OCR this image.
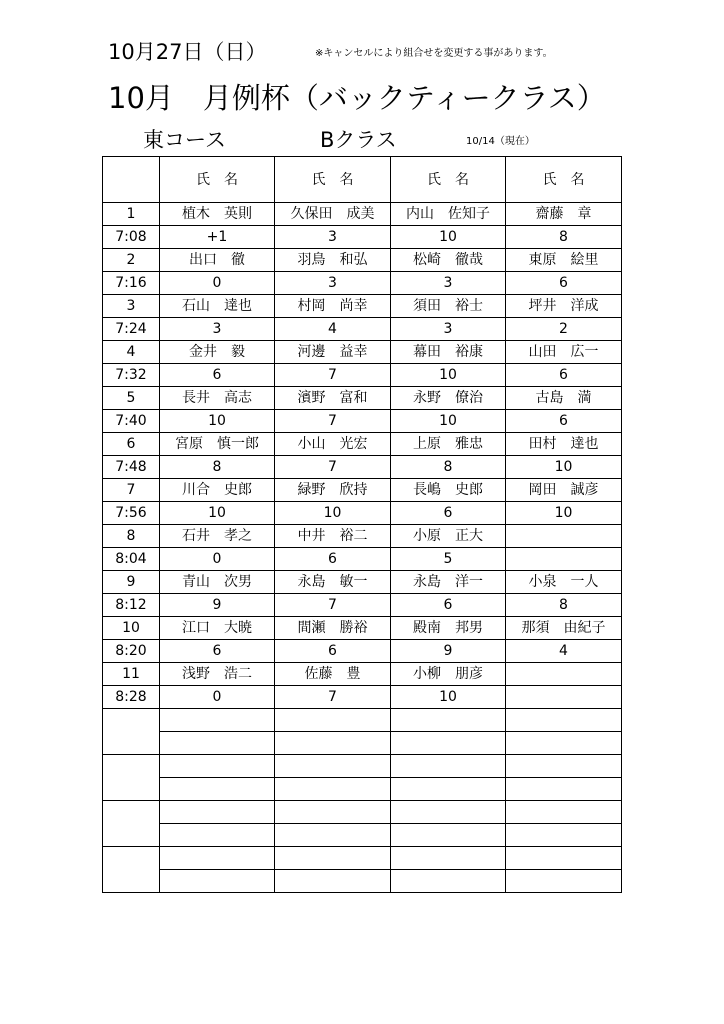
10月27日（日）	※キャンセルにより組合せを変更する事があります。
10月　月例杯（バックティークラス）
東コース	Bクラス	10/14（現在）
	氏　名	氏　名	氏　名	氏　名
1	植木　英則	久保田　成美	内山　佐知子	齋藤　章
7:08	+1	3	10	8
2	出口　徹	羽鳥　和弘	松崎　徹哉	東原　絵里
7:16	0	3	3	6
3	石山　達也	村岡　尚幸	須田　裕士	坪井　洋成
7:24	3	4	3	2
4	金井　毅	河邊　益幸	幕田　裕康	山田　広一
7:32	6	7	10	6
5	長井　高志	濱野　富和	永野　僚治	古島　満
7:40	10	7	10	6
6	宮原　慎一郎	小山　光宏	上原　雅忠	田村　達也
7:48	8	7	8	10
7	川合　史郎	緑野　欣持	長嶋　史郎	岡田　誠彦
7:56	10	10	6	10
8	石井　孝之	中井　裕二	小原　正大	
8:04	0	6	5	
9	青山　次男	永島　敏一	永島　洋一	小泉　一人
8:12	9	7	6	8
10	江口　大暁	間瀬　勝裕	殿南　邦男	那須　由紀子
8:20	6	6	9	4
11	浅野　浩二	佐藤　豊	小柳　朋彦	
8:28	0	7	10	
